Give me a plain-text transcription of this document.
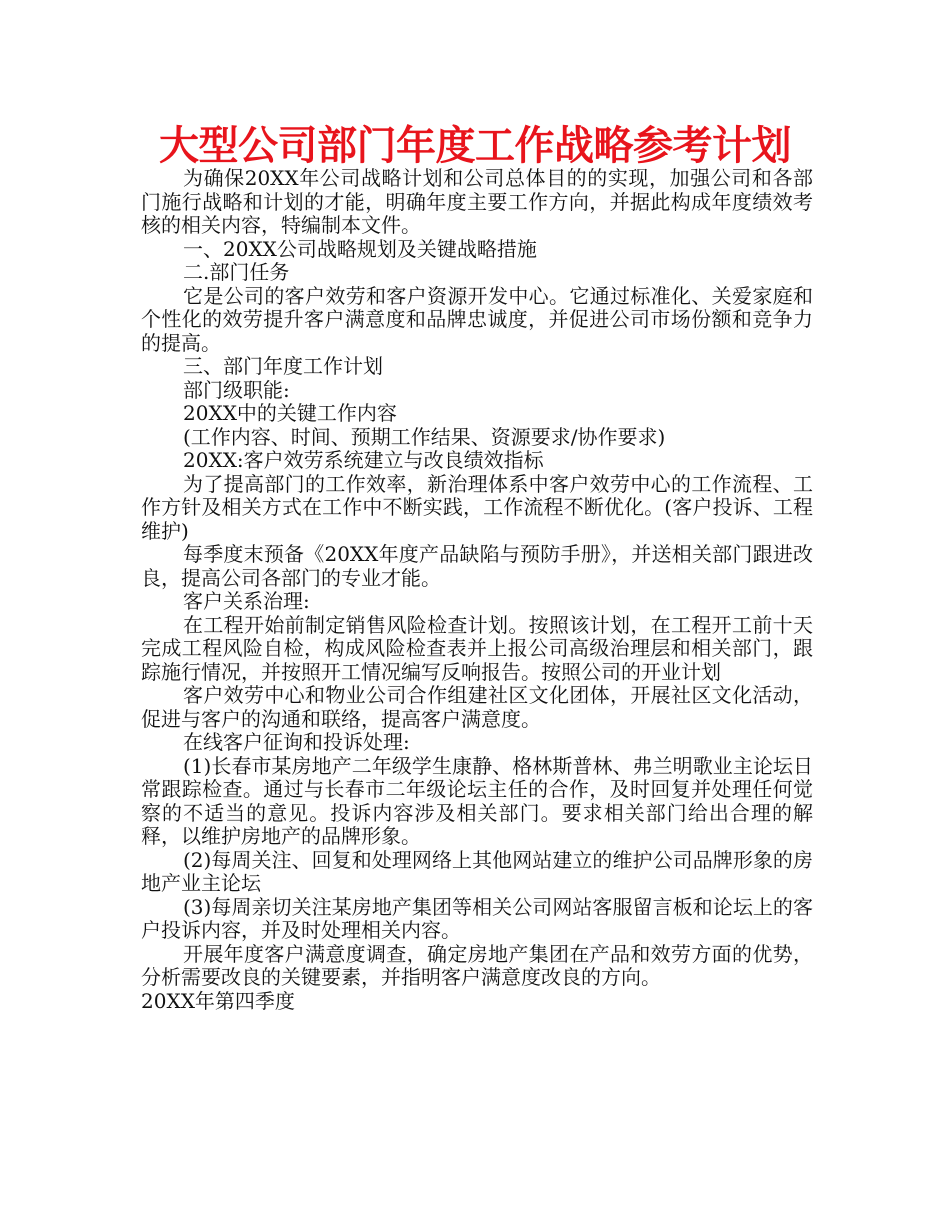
大型公司部门年度工作战略参考计划

为确保20XX年公司战略计划和公司总体目的的实现，加强公司和各部门施行战略和计划的才能，明确年度主要工作方向，并据此构成年度绩效考核的相关内容，特编制本文件。

一、20XX公司战略规划及关键战略措施

二.部门任务

它是公司的客户效劳和客户资源开发中心。它通过标准化、关爱家庭和个性化的效劳提升客户满意度和品牌忠诚度，并促进公司市场份额和竞争力的提高。

三、部门年度工作计划

部门级职能:

20XX中的关键工作内容

(工作内容、时间、预期工作结果、资源要求/协作要求)

20XX:客户效劳系统建立与改良绩效指标

为了提高部门的工作效率，新治理体系中客户效劳中心的工作流程、工作方针及相关方式在工作中不断实践，工作流程不断优化。(客户投诉、工程维护)

每季度末预备《20XX年度产品缺陷与预防手册》，并送相关部门跟进改良，提高公司各部门的专业才能。

客户关系治理:

在工程开始前制定销售风险检查计划。按照该计划，在工程开工前十天完成工程风险自检，构成风险检查表并上报公司高级治理层和相关部门，跟踪施行情况，并按照开工情况编写反响报告。按照公司的开业计划

客户效劳中心和物业公司合作组建社区文化团体，开展社区文化活动，促进与客户的沟通和联络，提高客户满意度。

在线客户征询和投诉处理:

(1)长春市某房地产二年级学生康静、格林斯普林、弗兰明歌业主论坛日常跟踪检查。通过与长春市二年级论坛主任的合作，及时回复并处理任何觉察的不适当的意见。投诉内容涉及相关部门。要求相关部门给出合理的解释，以维护房地产的品牌形象。

(2)每周关注、回复和处理网络上其他网站建立的维护公司品牌形象的房地产业主论坛

(3)每周亲切关注某房地产集团等相关公司网站客服留言板和论坛上的客户投诉内容，并及时处理相关内容。

开展年度客户满意度调查，确定房地产集团在产品和效劳方面的优势，分析需要改良的关键要素，并指明客户满意度改良的方向。

20XX年第四季度
